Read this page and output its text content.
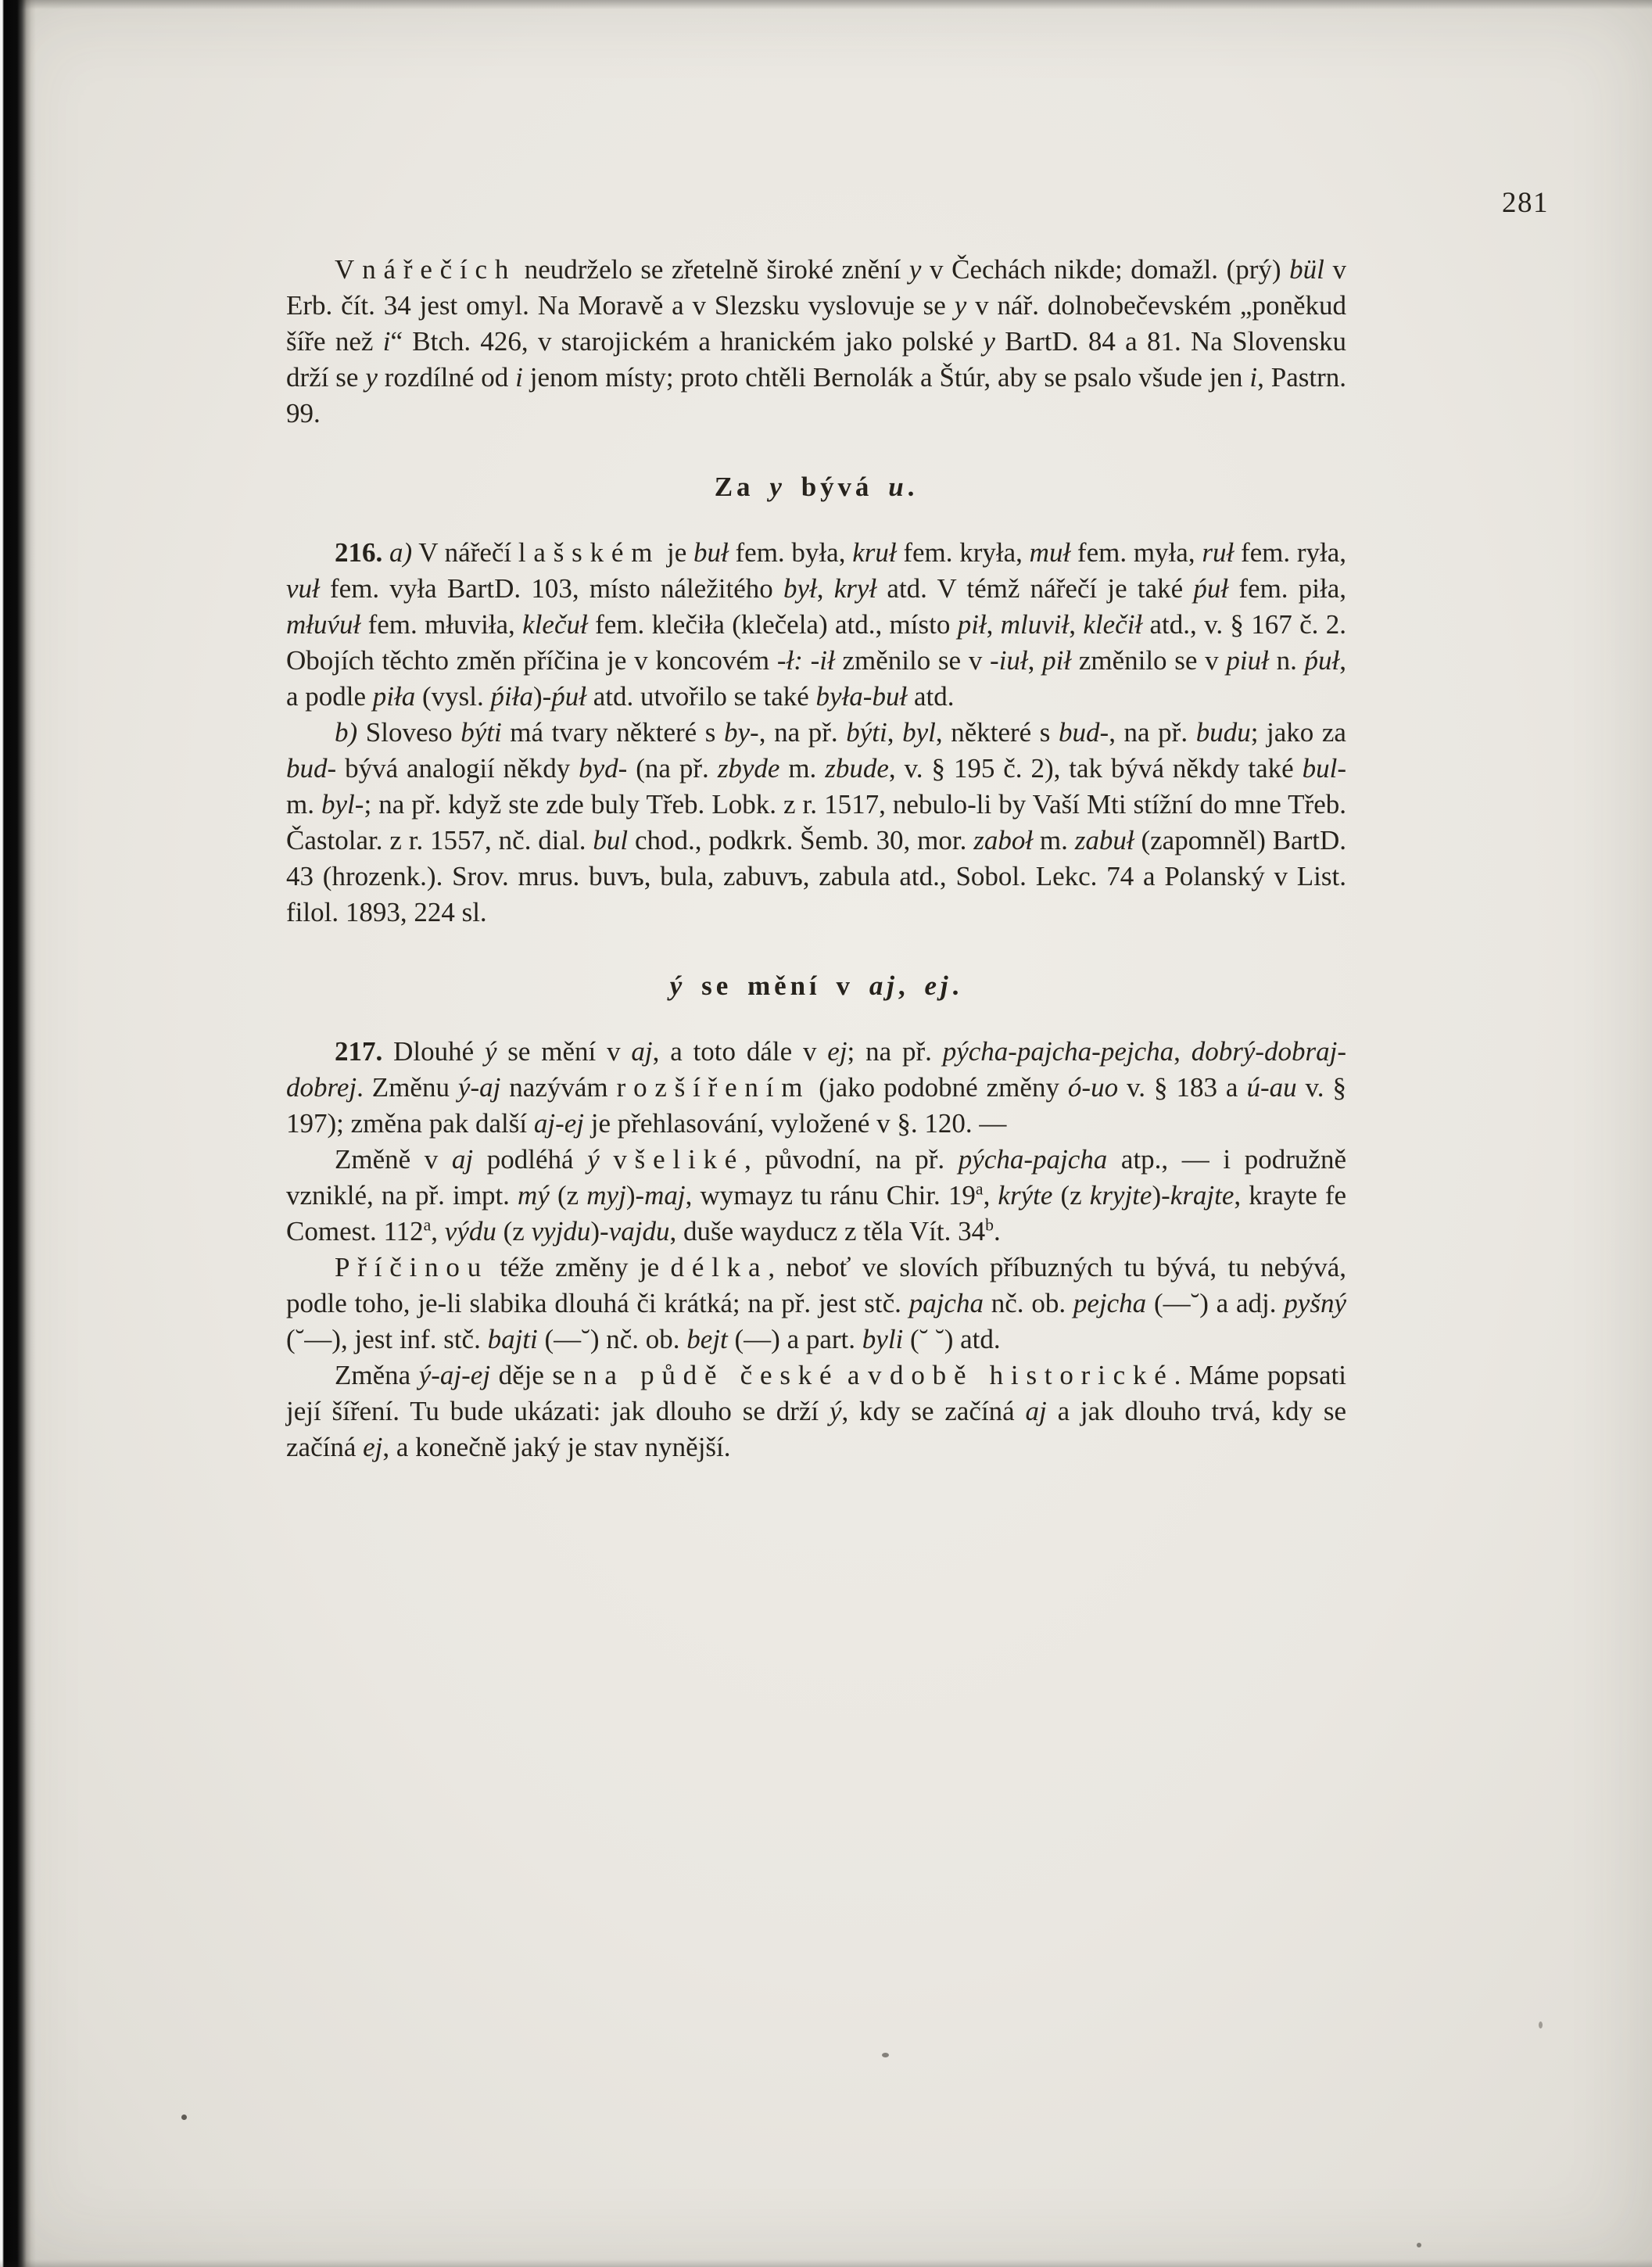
281

V nářečích neudrželo se zřetelně široké znění y v Čechách nikde; domažl. (prý) bül v Erb. čít. 34 jest omyl. Na Moravě a v Slezsku vyslovuje se y v nář. dolnobečevském „poněkud šíře než i“ Btch. 426, v starojickém a hranickém jako polské y BartD. 84 a 81. Na Slovensku drží se y rozdílné od i jenom místy; proto chtěli Bernolák a Štúr, aby se psalo všude jen i, Pastrn. 99.

Za y bývá u.

216. a) V nářečí lašském je buł fem. była, kruł fem. kryła, muł fem. myła, ruł fem. ryła, vuł fem. vyła BartD. 103, místo náležitého był, krył atd. V témž nářečí je také ṕuł fem. piła, młuv́uł fem. młuviła, klečuł fem. klečiła (klečela) atd., místo pił, mluvił, klečił atd., v. § 167 č. 2. Obojích těchto změn příčina je v koncovém -ł: -ił změnilo se v -iuł, pił změnilo se v piuł n. ṕuł, a podle piła (vysl. ṕiła)-ṕuł atd. utvořilo se také była-buł atd.

b) Sloveso býti má tvary některé s by-, na př. býti, byl, některé s bud-, na př. budu; jako za bud- bývá analogií někdy byd- (na př. zbyde m. zbude, v. § 195 č. 2), tak bývá někdy také bul- m. byl-; na př. když ste zde buly Třeb. Lobk. z r. 1517, nebulo-li by Vaší Mti stížní do mne Třeb. Častolar. z r. 1557, nč. dial. bul chod., podkrk. Šemb. 30, mor. zaboł m. zabuł (zapomněl) BartD. 43 (hrozenk.). Srov. mrus. buvъ, bula, zabuvъ, zabula atd., Sobol. Lekc. 74 a Polanský v List. filol. 1893, 224 sl.

ý se mění v aj, ej.

217. Dlouhé ý se mění v aj, a toto dále v ej; na př. pýcha-pajcha-pejcha, dobrý-dobraj-dobrej. Změnu ý-aj nazývám rozšířením (jako podobné změny ó-uo v. § 183 a ú-au v. § 197); změna pak další aj-ej je přehlasování, vyložené v §. 120. —

Změně v aj podléhá ý všeliké, původní, na př. pýcha-pajcha atp., — i podružně vzniklé, na př. impt. mý (z myj)-maj, wymayz tu ránu Chir. 19$^a$, krýte (z kryjte)-krajte, krayte fe Comest. 112$^a$, výdu (z vyjdu)-vajdu, duše wayducz z těla Vít. 34$^b$.

Příčinou téže změny je délka, neboť ve slovích příbuzných tu bývá, tu nebývá, podle toho, je-li slabika dlouhá či krátká; na př. jest stč. pajcha nč. ob. pejcha (—˘) a adj. pyšný (˘—), jest inf. stč. bajti (—˘) nč. ob. bejt (—) a part. byli (˘ ˘) atd.

Změna ý-aj-ej děje se na půdě české a v době historické. Máme popsati její šíření. Tu bude ukázati: jak dlouho se drží ý, kdy se začíná aj a jak dlouho trvá, kdy se začíná ej, a konečně jaký je stav nynější.
